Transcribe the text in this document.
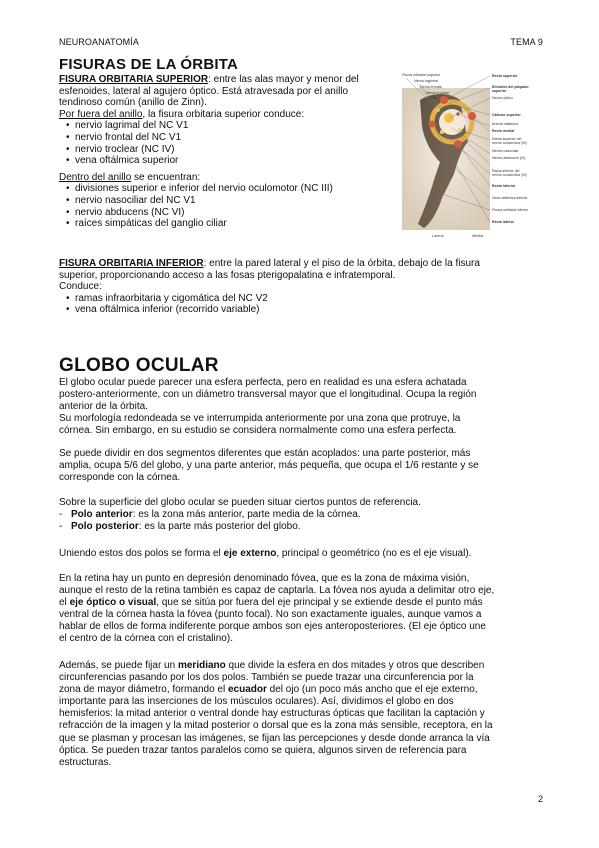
NEUROANATOMÍA	TEMA 9
FISURAS DE LA ÓRBITA
FISURA ORBITARIA SUPERIOR: entre las alas mayor y menor del
esfenoides, lateral al agujero óptico. Está atravesada por el anillo
tendinoso común (anillo de Zinn).
Por fuera del anillo, la fisura orbitaria superior conduce:
• nervio lagrimal del NC V1
• nervio frontal del NC V1
• nervio troclear (NC IV)
• vena oftálmica superior
Dentro del anillo se encuentran:
• divisiones superior e inferior del nervio oculomotor (NC III)
• nervio nasociliar del NC V1
• nervio abducens (NC VI)
• raíces simpáticas del ganglio ciliar
FISURA ORBITARIA INFERIOR: entre la pared lateral y el piso de la órbita, debajo de la fisura
superior, proporcionando acceso a las fosas pterigopalatina e infratemporal.
Conduce:
• ramas infraorbitaria y cigomática del NC V2
• vena oftálmica inferior (recorrido variable)
Fisura orbitaria superior
Nervio lagrimal
Nervio frontal
Nervio troclear
[IV]
Recto superior
Elevador del párpado
superior
Nervio óptico
Oblicuo superior
Arteria oftálmica
Recto medial
Rama superior del
nervio oculomotor [III]
Nervio nasociliar
Nervio abducens [VI]
Rama inferior del
nervio oculomotor [III]
Recto inferior
Vena oftálmica inferior
Fisura orbitaria inferior
Recto lateral
Lateral	Medial
GLOBO OCULAR
El globo ocular puede parecer una esfera perfecta, pero en realidad es una esfera achatada
postero-anteriormente, con un diámetro transversal mayor que el longitudinal. Ocupa la región
anterior de la órbita.
Su morfología redondeada se ve interrumpida anteriormente por una zona que protruye, la
córnea. Sin embargo, en su estudio se considera normalmente como una esfera perfecta.
Se puede dividir en dos segmentos diferentes que están acoplados: una parte posterior, más
amplia, ocupa 5/6 del globo, y una parte anterior, más pequeña, que ocupa el 1/6 restante y se
corresponde con la córnea.
Sobre la superficie del globo ocular se pueden situar ciertos puntos de referencia.
- Polo anterior: es la zona más anterior, parte media de la córnea.
- Polo posterior: es la parte más posterior del globo.
Uniendo estos dos polos se forma el eje externo, principal o geométrico (no es el eje visual).
En la retina hay un punto en depresión denominado fóvea, que es la zona de máxima visión,
aunque el resto de la retina también es capaz de captarla. La fóvea nos ayuda a delimitar otro eje,
el eje óptico o visual, que se sitúa por fuera del eje principal y se extiende desde el punto más
ventral de la córnea hasta la fóvea (punto focal). No son exactamente iguales, aunque vamos a
hablar de ellos de forma indiferente porque ambos son ejes anteroposteriores. (El eje óptico une
el centro de la córnea con el cristalino).
Además, se puede fijar un meridiano que divide la esfera en dos mitades y otros que describen
circunferencias pasando por los dos polos. También se puede trazar una circunferencia por la
zona de mayor diámetro, formando el ecuador del ojo (un poco más ancho que el eje externo,
importante para las inserciones de los músculos oculares). Así, dividimos el globo en dos
hemisferios: la mitad anterior o ventral donde hay estructuras ópticas que facilitan la captación y
refracción de la imagen y la mitad posterior o dorsal que es la zona más sensible, receptora, en la
que se plasman y procesan las imágenes, se fijan las percepciones y desde donde arranca la vía
óptica. Se pueden trazar tantos paralelos como se quiera, algunos sirven de referencia para
estructuras.
2
